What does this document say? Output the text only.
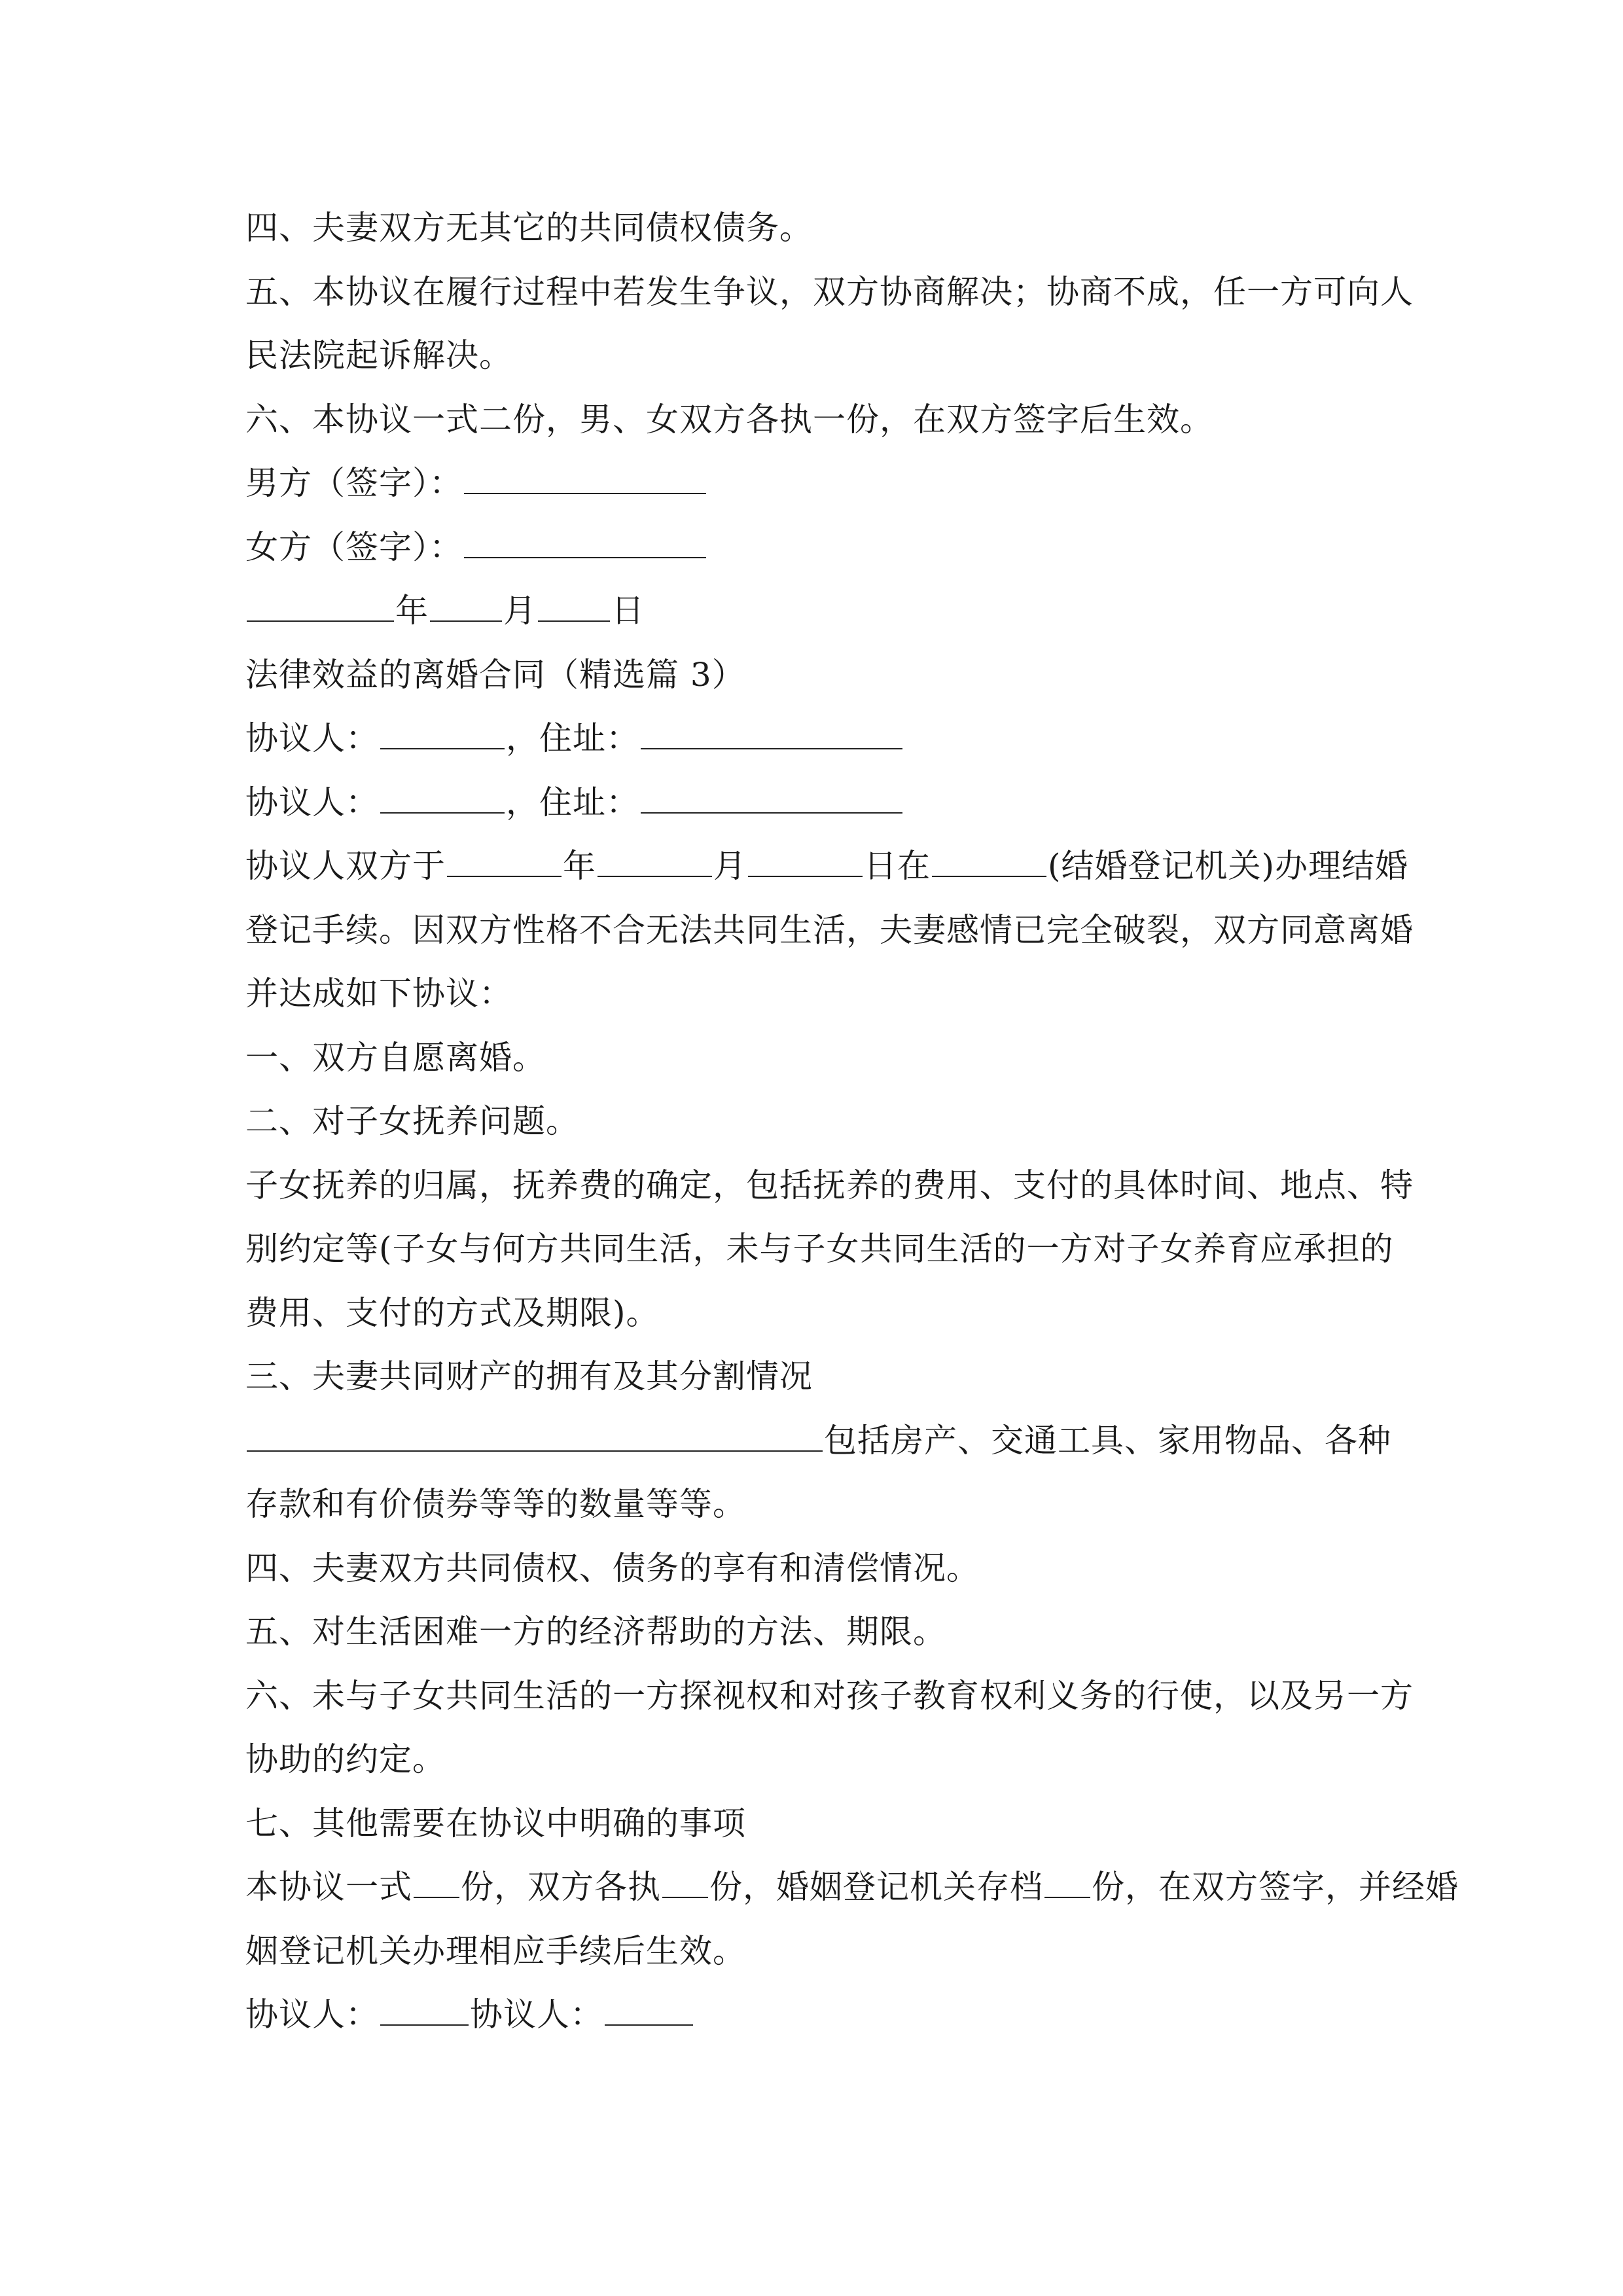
四、夫妻双方无其它的共同债权债务。
五、本协议在履行过程中若发生争议，双方协商解决；协商不成，任一方可向人
民法院起诉解决。
六、本协议一式二份，男、女双方各执一份，在双方签字后生效。
男方（签字）：
女方（签字）：
年 月 日
法律效益的离婚合同（精选篇 3）
协议人：	，住址：
协议人：	，住址：
协议人双方于	年	月	日在	(结婚登记机关)办理结婚
登记手续。因双方性格不合无法共同生活，夫妻感情已完全破裂，双方同意离婚
并达成如下协议：
一、双方自愿离婚。
二、对子女抚养问题。
子女抚养的归属，抚养费的确定，包括抚养的费用、支付的具体时间、地点、特
别约定等(子女与何方共同生活，未与子女共同生活的一方对子女养育应承担的
费用、支付的方式及期限)。
三、夫妻共同财产的拥有及其分割情况
包括房产、交通工具、家用物品、各种
存款和有价债券等等的数量等等。
四、夫妻双方共同债权、债务的享有和清偿情况。
五、对生活困难一方的经济帮助的方法、期限。
六、未与子女共同生活的一方探视权和对孩子教育权利义务的行使，以及另一方
协助的约定。
七、其他需要在协议中明确的事项
本协议一式 份，双方各执 份，婚姻登记机关存档 份，在双方签字，并经婚
姻登记机关办理相应手续后生效。
协议人：	协议人：
